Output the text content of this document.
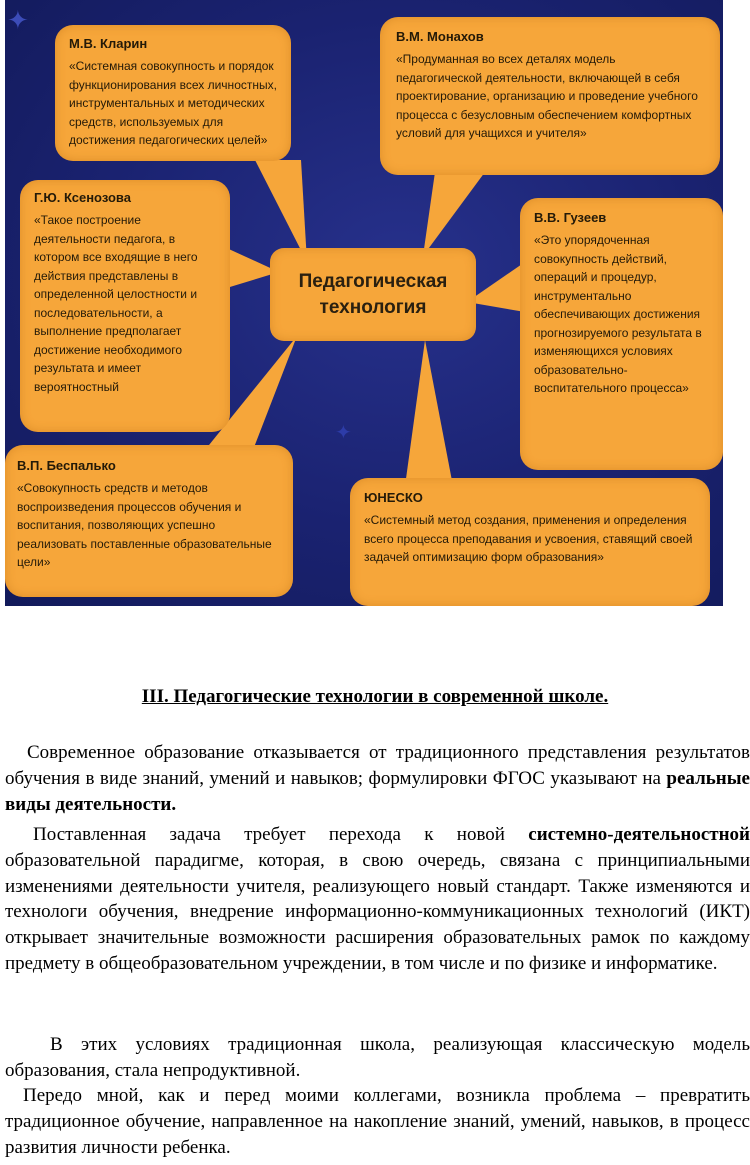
✦
✦
М.В. Кларин
«Системная совокупность и порядок функционирования всех личностных, инструментальных и методических средств, используемых для достижения педагогических целей»
В.М. Монахов
«Продуманная во всех деталях модель педагогической деятельности, включающей в себя проектирование, организацию и проведение учебного процесса с безусловным обеспечением комфортных условий для учащихся и учителя»
Г.Ю. Ксенозова
«Такое построение деятельности педагога, в котором все входящие в него действия представлены в определенной целостности и последовательности, а выполнение предполагает достижение необходимого результата и имеет вероятностный
В.В. Гузеев
«Это упорядоченная совокупность действий, операций и процедур, инструментально обеспечивающих достижения прогнозируемого результата в изменяющихся условиях образовательно-воспитательного процесса»
В.П. Беспалько
«Совокупность средств и методов воспроизведения процессов обучения и воспитания, позволяющих успешно реализовать поставленные образовательные цели»
ЮНЕСКО
«Системный метод создания, применения и определения всего процесса преподавания и усвоения, ставящий своей задачей оптимизацию форм образования»
Педагогическая
технология
III. Педагогические технологии в современной школе.

Современное образование отказывается от традиционного представления результатов обучения в виде знаний, умений и навыков; формулировки ФГОС указывают на реальные виды деятельности.

Поставленная задача требует перехода к новой системно-деятельностной образовательной парадигме, которая, в свою очередь, связана с принципиальными изменениями деятельности учителя, реализующего новый стандарт. Также изменяются и технологи обучения, внедрение информационно-коммуникационных технологий (ИКТ) открывает значительные возможности расширения образовательных рамок по каждому предмету в общеобразовательном учреждении, в том числе и по физике и информатике.

В этих условиях традиционная школа, реализующая классическую модель образования, стала непродуктивной.

Передо мной, как и перед моими коллегами, возникла проблема – превратить традиционное обучение, направленное на накопление знаний, умений, навыков, в процесс развития личности ребенка.
